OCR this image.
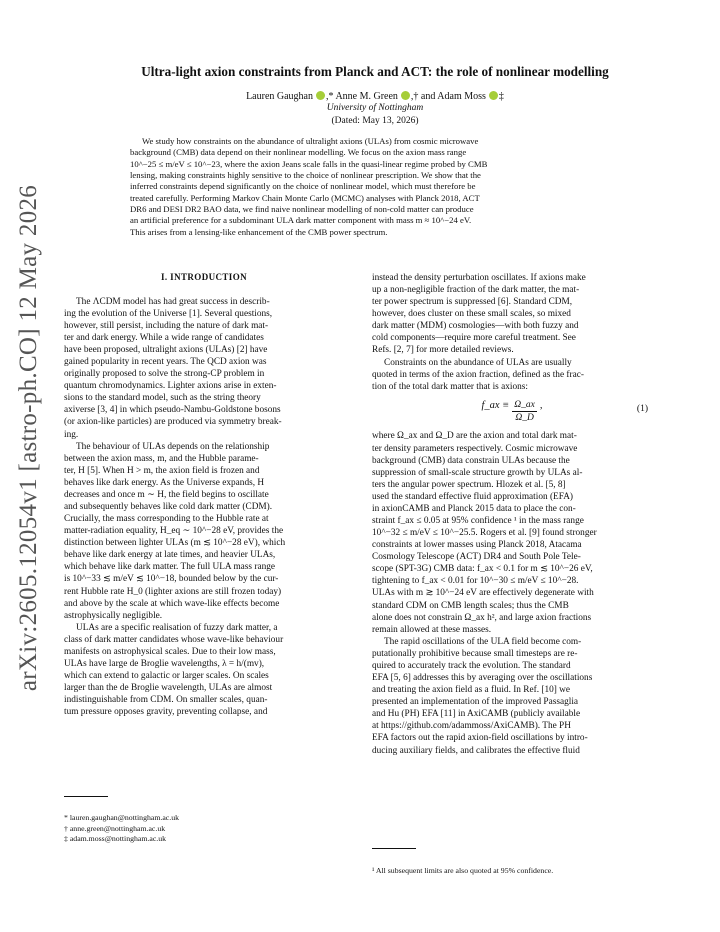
arXiv:2605.12054v1 [astro-ph.CO] 12 May 2026
Ultra-light axion constraints from Planck and ACT: the role of nonlinear modelling
Lauren Gaughan ,* Anne M. Green ,† and Adam Moss ‡
University of Nottingham
(Dated: May 13, 2026)
We study how constraints on the abundance of ultralight axions (ULAs) from cosmic microwave
background (CMB) data depend on their nonlinear modelling. We focus on the axion mass range
10^−25 ≤ m/eV ≤ 10^−23, where the axion Jeans scale falls in the quasi-linear regime probed by CMB
lensing, making constraints highly sensitive to the choice of nonlinear prescription. We show that the
inferred constraints depend significantly on the choice of nonlinear model, which must therefore be
treated carefully. Performing Markov Chain Monte Carlo (MCMC) analyses with Planck 2018, ACT
DR6 and DESI DR2 BAO data, we find naive nonlinear modelling of non-cold matter can produce
an artificial preference for a subdominant ULA dark matter component with mass m ≈ 10^−24 eV.
This arises from a lensing-like enhancement of the CMB power spectrum.
I. INTRODUCTION
The ΛCDM model has had great success in describ-
ing the evolution of the Universe [1]. Several questions,
however, still persist, including the nature of dark mat-
ter and dark energy. While a wide range of candidates
have been proposed, ultralight axions (ULAs) [2] have
gained popularity in recent years. The QCD axion was
originally proposed to solve the strong-CP problem in
quantum chromodynamics. Lighter axions arise in exten-
sions to the standard model, such as the string theory
axiverse [3, 4] in which pseudo-Nambu-Goldstone bosons
(or axion-like particles) are produced via symmetry break-
ing.
The behaviour of ULAs depends on the relationship
between the axion mass, m, and the Hubble parame-
ter, H [5]. When H > m, the axion field is frozen and
behaves like dark energy. As the Universe expands, H
decreases and once m ∼ H, the field begins to oscillate
and subsequently behaves like cold dark matter (CDM).
Crucially, the mass corresponding to the Hubble rate at
matter-radiation equality, H_eq ∼ 10^−28 eV, provides the
distinction between lighter ULAs (m ≲ 10^−28 eV), which
behave like dark energy at late times, and heavier ULAs,
which behave like dark matter. The full ULA mass range
is 10^−33 ≲ m/eV ≲ 10^−18, bounded below by the cur-
rent Hubble rate H_0 (lighter axions are still frozen today)
and above by the scale at which wave-like effects become
astrophysically negligible.
ULAs are a specific realisation of fuzzy dark matter, a
class of dark matter candidates whose wave-like behaviour
manifests on astrophysical scales. Due to their low mass,
ULAs have large de Broglie wavelengths, λ = h/(mv),
which can extend to galactic or larger scales. On scales
larger than the de Broglie wavelength, ULAs are almost
indistinguishable from CDM. On smaller scales, quan-
tum pressure opposes gravity, preventing collapse, and
instead the density perturbation oscillates. If axions make
up a non-negligible fraction of the dark matter, the mat-
ter power spectrum is suppressed [6]. Standard CDM,
however, does cluster on these small scales, so mixed
dark matter (MDM) cosmologies—with both fuzzy and
cold components—require more careful treatment. See
Refs. [2, 7] for more detailed reviews.
Constraints on the abundance of ULAs are usually
quoted in terms of the axion fraction, defined as the frac-
tion of the total dark matter that is axions:
f_ax ≡ $\frac{\Omega\_ax}{\Omega\_D}$ ,	(1)
where Ω_ax and Ω_D are the axion and total dark mat-
ter density parameters respectively. Cosmic microwave
background (CMB) data constrain ULAs because the
suppression of small-scale structure growth by ULAs al-
ters the angular power spectrum. Hlozek et al. [5, 8]
used the standard effective fluid approximation (EFA)
in axionCAMB and Planck 2015 data to place the con-
straint f_ax ≤ 0.05 at 95% confidence ¹ in the mass range
10^−32 ≤ m/eV ≤ 10^−25.5. Rogers et al. [9] found stronger
constraints at lower masses using Planck 2018, Atacama
Cosmology Telescope (ACT) DR4 and South Pole Tele-
scope (SPT-3G) CMB data: f_ax < 0.1 for m ≲ 10^−26 eV,
tightening to f_ax < 0.01 for 10^−30 ≤ m/eV ≤ 10^−28.
ULAs with m ≳ 10^−24 eV are effectively degenerate with
standard CDM on CMB length scales; thus the CMB
alone does not constrain Ω_ax h², and large axion fractions
remain allowed at these masses.
The rapid oscillations of the ULA field become com-
putationally prohibitive because small timesteps are re-
quired to accurately track the evolution. The standard
EFA [5, 6] addresses this by averaging over the oscillations
and treating the axion field as a fluid. In Ref. [10] we
presented an implementation of the improved Passaglia
and Hu (PH) EFA [11] in AxiCAMB (publicly available
at https://github.com/adammoss/AxiCAMB). The PH
EFA factors out the rapid axion-field oscillations by intro-
ducing auxiliary fields, and calibrates the effective fluid
* lauren.gaughan@nottingham.ac.uk
† anne.green@nottingham.ac.uk
‡ adam.moss@nottingham.ac.uk
¹ All subsequent limits are also quoted at 95% confidence.
